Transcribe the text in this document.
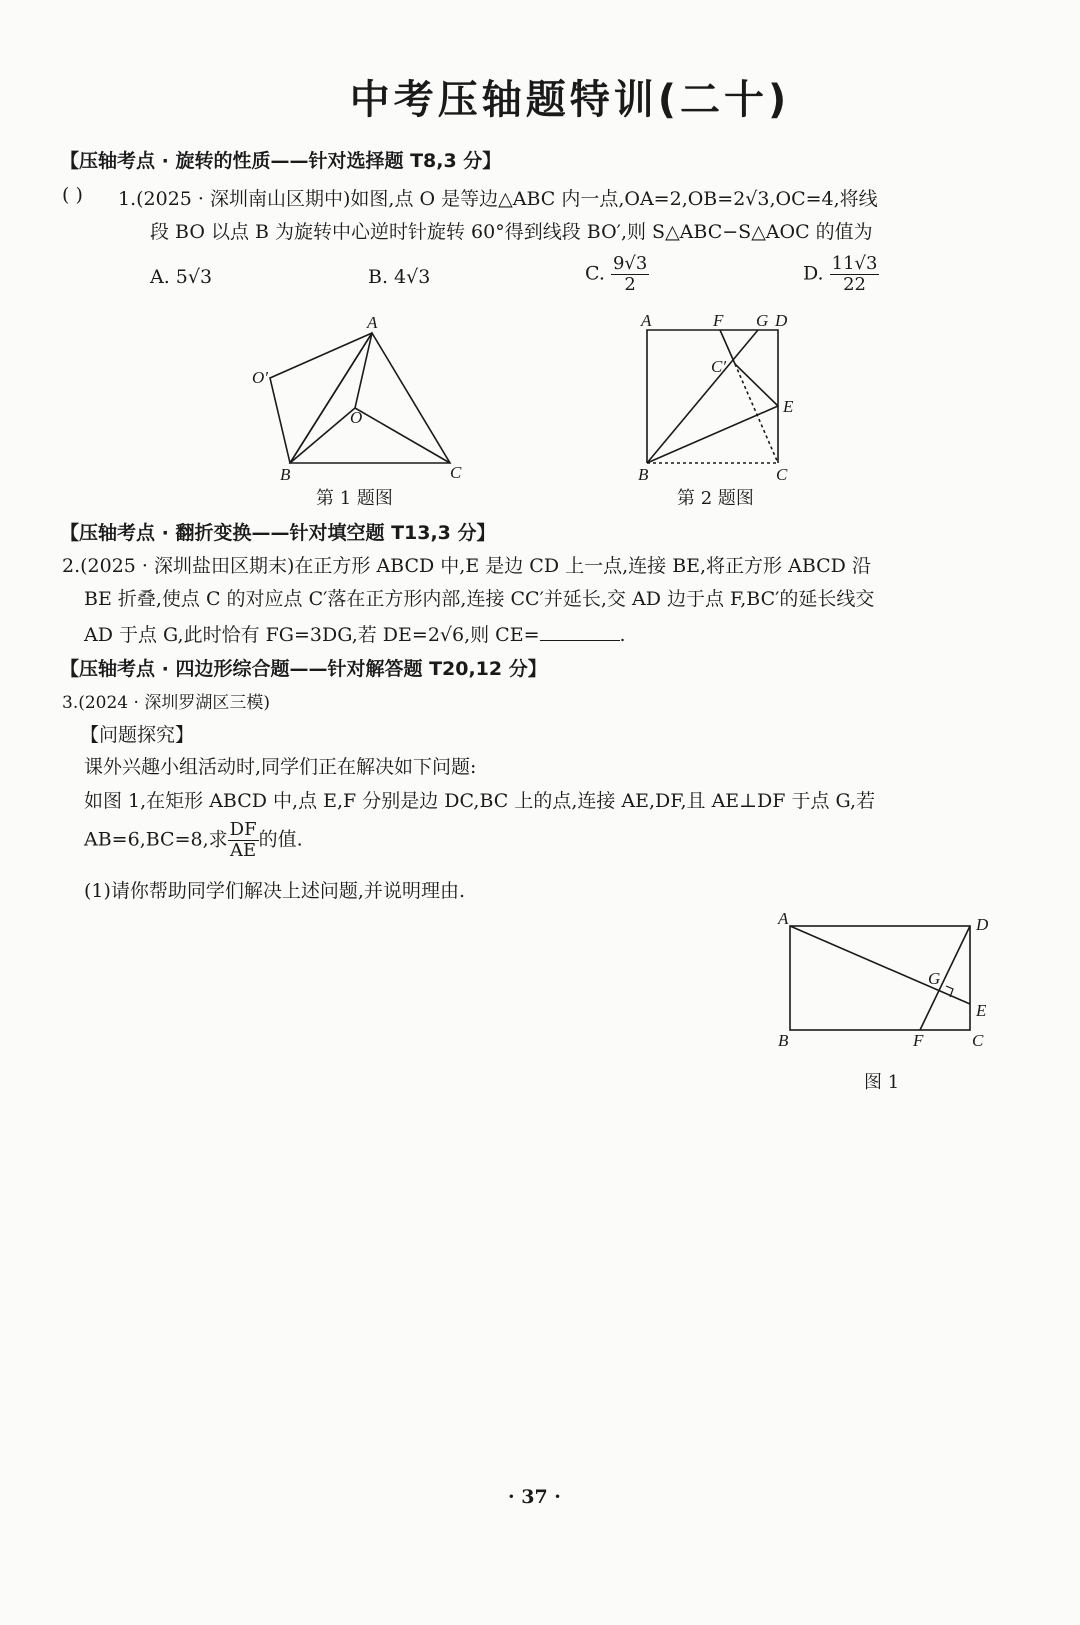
中考压轴题特训(二十)
【压轴考点 · 旋转的性质——针对选择题 T8,3 分】
( ) 1.(2025 · 深圳南山区期中)如图,点 O 是等边△ABC 内一点,OA=2,OB=2√3,OC=4,将线
段 BO 以点 B 为旋转中心逆时针旋转 60°得到线段 BO′,则 S△ABC−S△AOC 的值为
A. 5√3	B. 4√3	C. $\frac{9√3}{2}$	D. $\frac{11√3}{22}$
A
O′
O
B	C
A	F G D
C′
E
B	C
A	D
G
E
B	F	C
第 1 题图	第 2 题图
【压轴考点 · 翻折变换——针对填空题 T13,3 分】
2.(2025 · 深圳盐田区期末)在正方形 ABCD 中,E 是边 CD 上一点,连接 BE,将正方形 ABCD 沿
BE 折叠,使点 C 的对应点 C′落在正方形内部,连接 CC′并延长,交 AD 边于点 F,BC′的延长线交
AD 于点 G,此时恰有 FG=3DG,若 DE=2√6,则 CE=	.
【压轴考点 · 四边形综合题——针对解答题 T20,12 分】
3.(2024 · 深圳罗湖区三模)
【问题探究】
课外兴趣小组活动时,同学们正在解决如下问题:
如图 1,在矩形 ABCD 中,点 E,F 分别是边 DC,BC 上的点,连接 AE,DF,且 AE⊥DF 于点 G,若
AB=6,BC=8,求 $\frac{DF}{AE}$ 的值.
(1)请你帮助同学们解决上述问题,并说明理由.
图 1
· 37 ·
